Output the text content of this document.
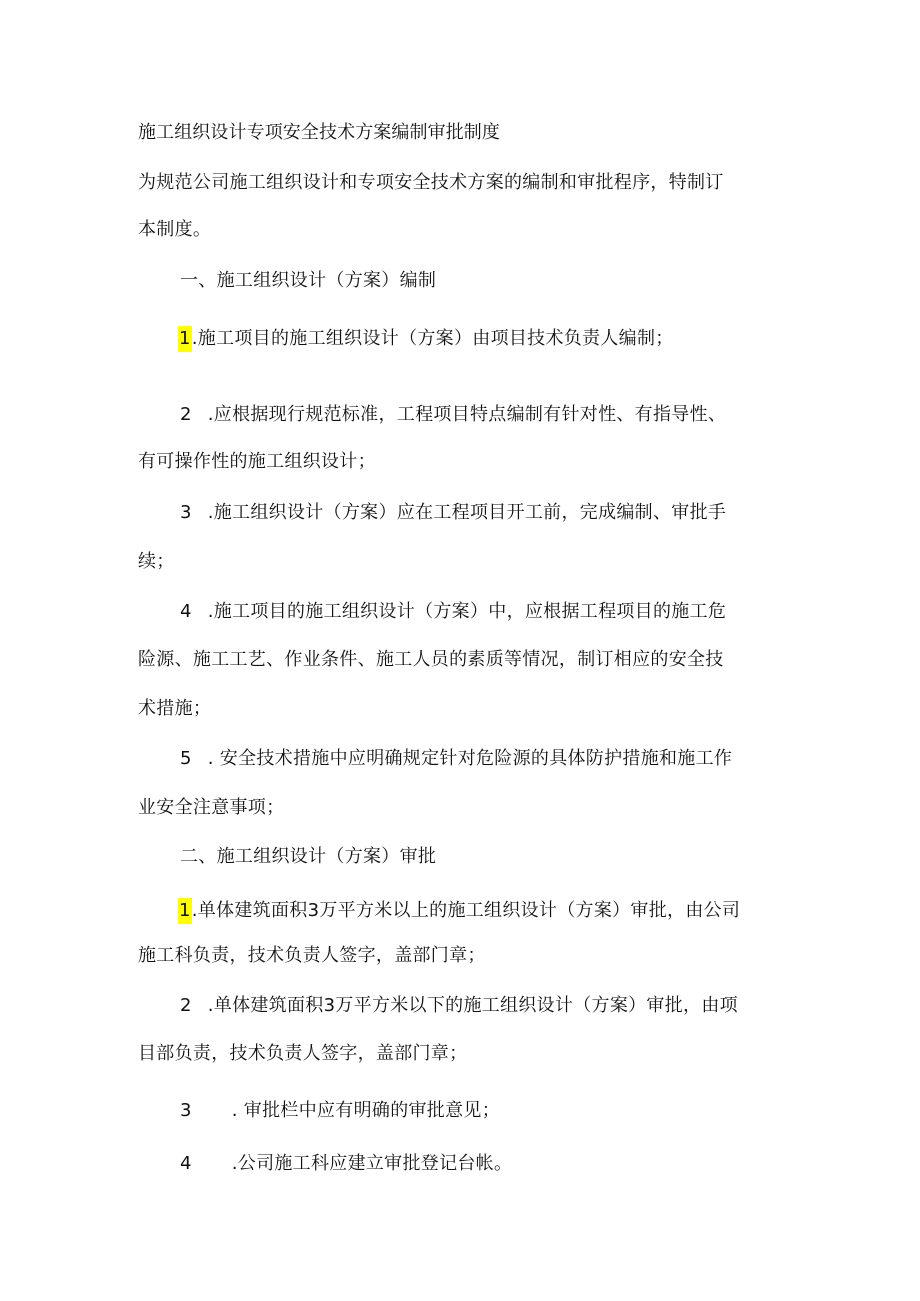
施工组织设计专项安全技术方案编制审批制度

为规范公司施工组织设计和专项安全技术方案的编制和审批程序，特制订

本制度。

一、施工组织设计（方案）编制

1.施工项目的施工组织设计（方案）由项目技术负责人编制；

2 .应根据现行规范标准，工程项目特点编制有针对性、有指导性、

有可操作性的施工组织设计；

3 .施工组织设计（方案）应在工程项目开工前，完成编制、审批手

续；

4 .施工项目的施工组织设计（方案）中，应根据工程项目的施工危

险源、施工工艺、作业条件、施工人员的素质等情况，制订相应的安全技

术措施；

5 . 安全技术措施中应明确规定针对危险源的具体防护措施和施工作

业安全注意事项；

二、施工组织设计（方案）审批

1.单体建筑面积3万平方米以上的施工组织设计（方案）审批，由公司

施工科负责，技术负责人签字，盖部门章；

2 .单体建筑面积3万平方米以下的施工组织设计（方案）审批，由项

目部负责，技术负责人签字，盖部门章；

3 . 审批栏中应有明确的审批意见；

4 .公司施工科应建立审批登记台帐。
